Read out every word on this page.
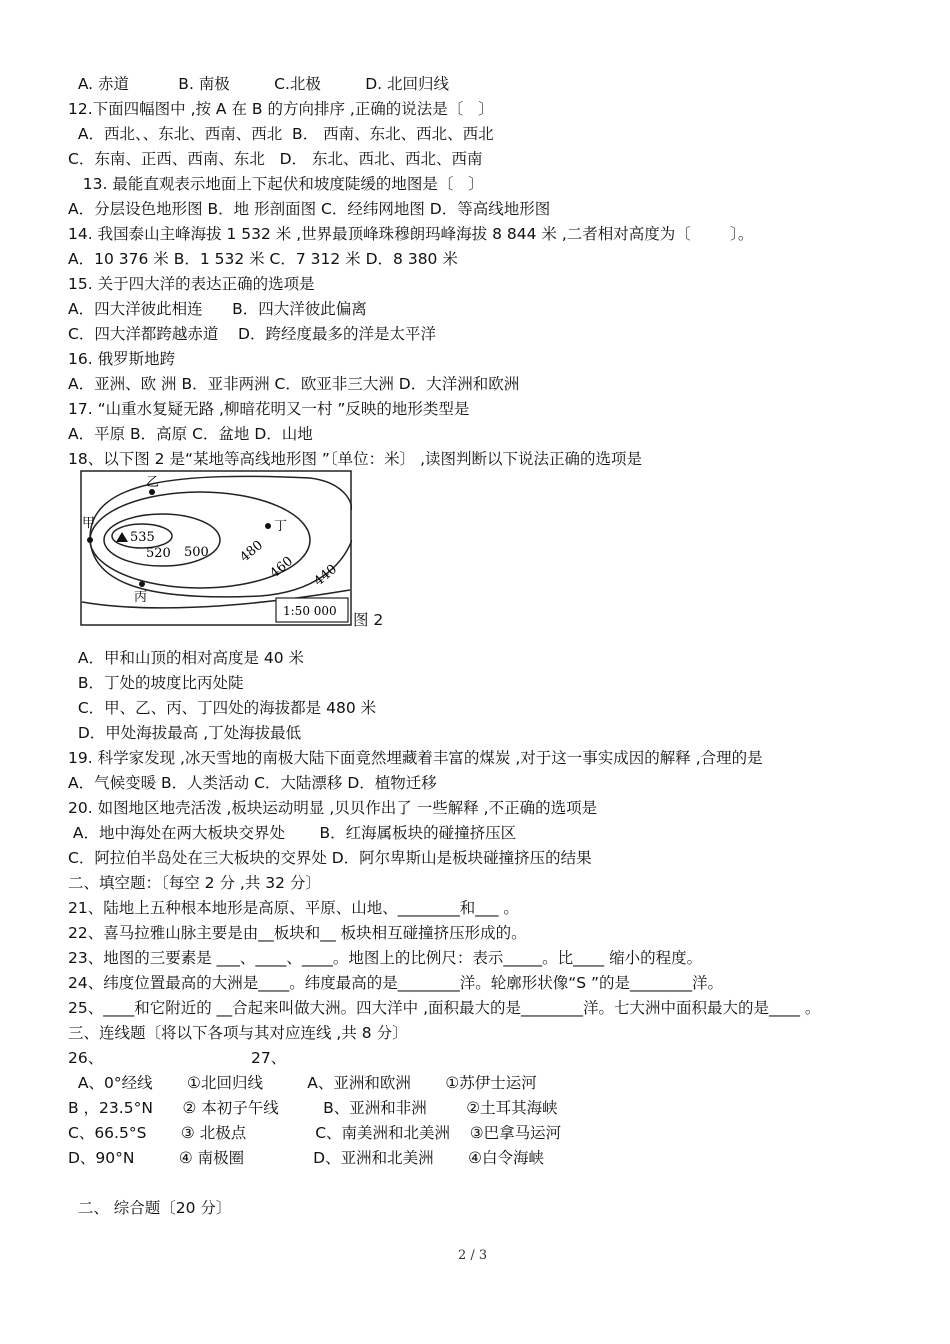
A. 赤道          B. 南极         C.北极         D. 北回归线
12.下面四幅图中 ,按 A 在 B 的方向排序 ,正确的说法是〔   〕
A．西北、、东北、西南、西北  B． 西南、东北、西北、西北
C．东南、正西、西南、东北   D． 东北、西北、西北、西南
13. 最能直观表示地面上下起伏和坡度陡缓的地图是〔   〕
A．分层设色地形图 B．地 形剖面图 C．经纬网地图 D．等高线地形图
14. 我国泰山主峰海拔 1 532 米 ,世界最顶峰珠穆朗玛峰海拔 8 844 米 ,二者相对高度为〔        〕。
A．10 376 米 B．1 532 米 C．7 312 米 D．8 380 米
15. 关于四大洋的表达正确的选项是
A．四大洋彼此相连      B．四大洋彼此偏离
C．四大洋都跨越赤道    D．跨经度最多的洋是太平洋
16. 俄罗斯地跨
A．亚洲、欧 洲 B．亚非两洲 C．欧亚非三大洲 D．大洋洲和欧洲
17. “山重水复疑无路 ,柳暗花明又一村 ”反映的地形类型是
A．平原 B．高原 C．盆地 D．山地
18、以下图 2 是“某地等高线地形图 ”〔单位：米〕 ,读图判断以下说法正确的选项是
甲
乙
丙
丁
535
520 500 480
460 440
1:50 000 图 2
A．甲和山顶的相对高度是 40 米
B．丁处的坡度比丙处陡
C．甲、乙、丙、丁四处的海拔都是 480 米
D．甲处海拔最高 ,丁处海拔最低
19. 科学家发现 ,冰天雪地的南极大陆下面竟然埋藏着丰富的煤炭 ,对于这一事实成因的解释 ,合理的是
A．气候变暖 B．人类活动 C．大陆漂移 D．植物迁移
20. 如图地区地壳活泼 ,板块运动明显 ,贝贝作出了 一些解释 ,不正确的选项是
A．地中海处在两大板块交界处       B．红海属板块的碰撞挤压区
C．阿拉伯半岛处在三大板块的交界处 D．阿尔卑斯山是板块碰撞挤压的结果
二、填空题：〔每空 2 分 ,共 32 分〕
21、陆地上五种根本地形是高原、平原、山地、________和___ 。
22、喜马拉雅山脉主要是由__板块和__ 板块相互碰撞挤压形成的。
23、地图的三要素是 ___、____、____。地图上的比例尺：表示_____。比____ 缩小的程度。
24、纬度位置最高的大洲是____。纬度最高的是________洋。轮廓形状像“S ”的是________洋。
25、____和它附近的 __合起来叫做大洲。四大洋中 ,面积最大的是________洋。七大洲中面积最大的是____ 。
三、连线题〔将以下各项与其对应连线 ,共 8 分〕
26、                              27、
A、0°经线       ①北回归线         A、亚洲和欧洲       ①苏伊士运河
B ，23.5°N      ② 本初子午线         B、亚洲和非洲        ②土耳其海峡
C、66.5°S       ③ 北极点              C、南美洲和北美洲    ③巴拿马运河
D、90°N         ④ 南极圈              D、亚洲和北美洲       ④白令海峡
二、 综合题〔20 分〕
2 / 3
